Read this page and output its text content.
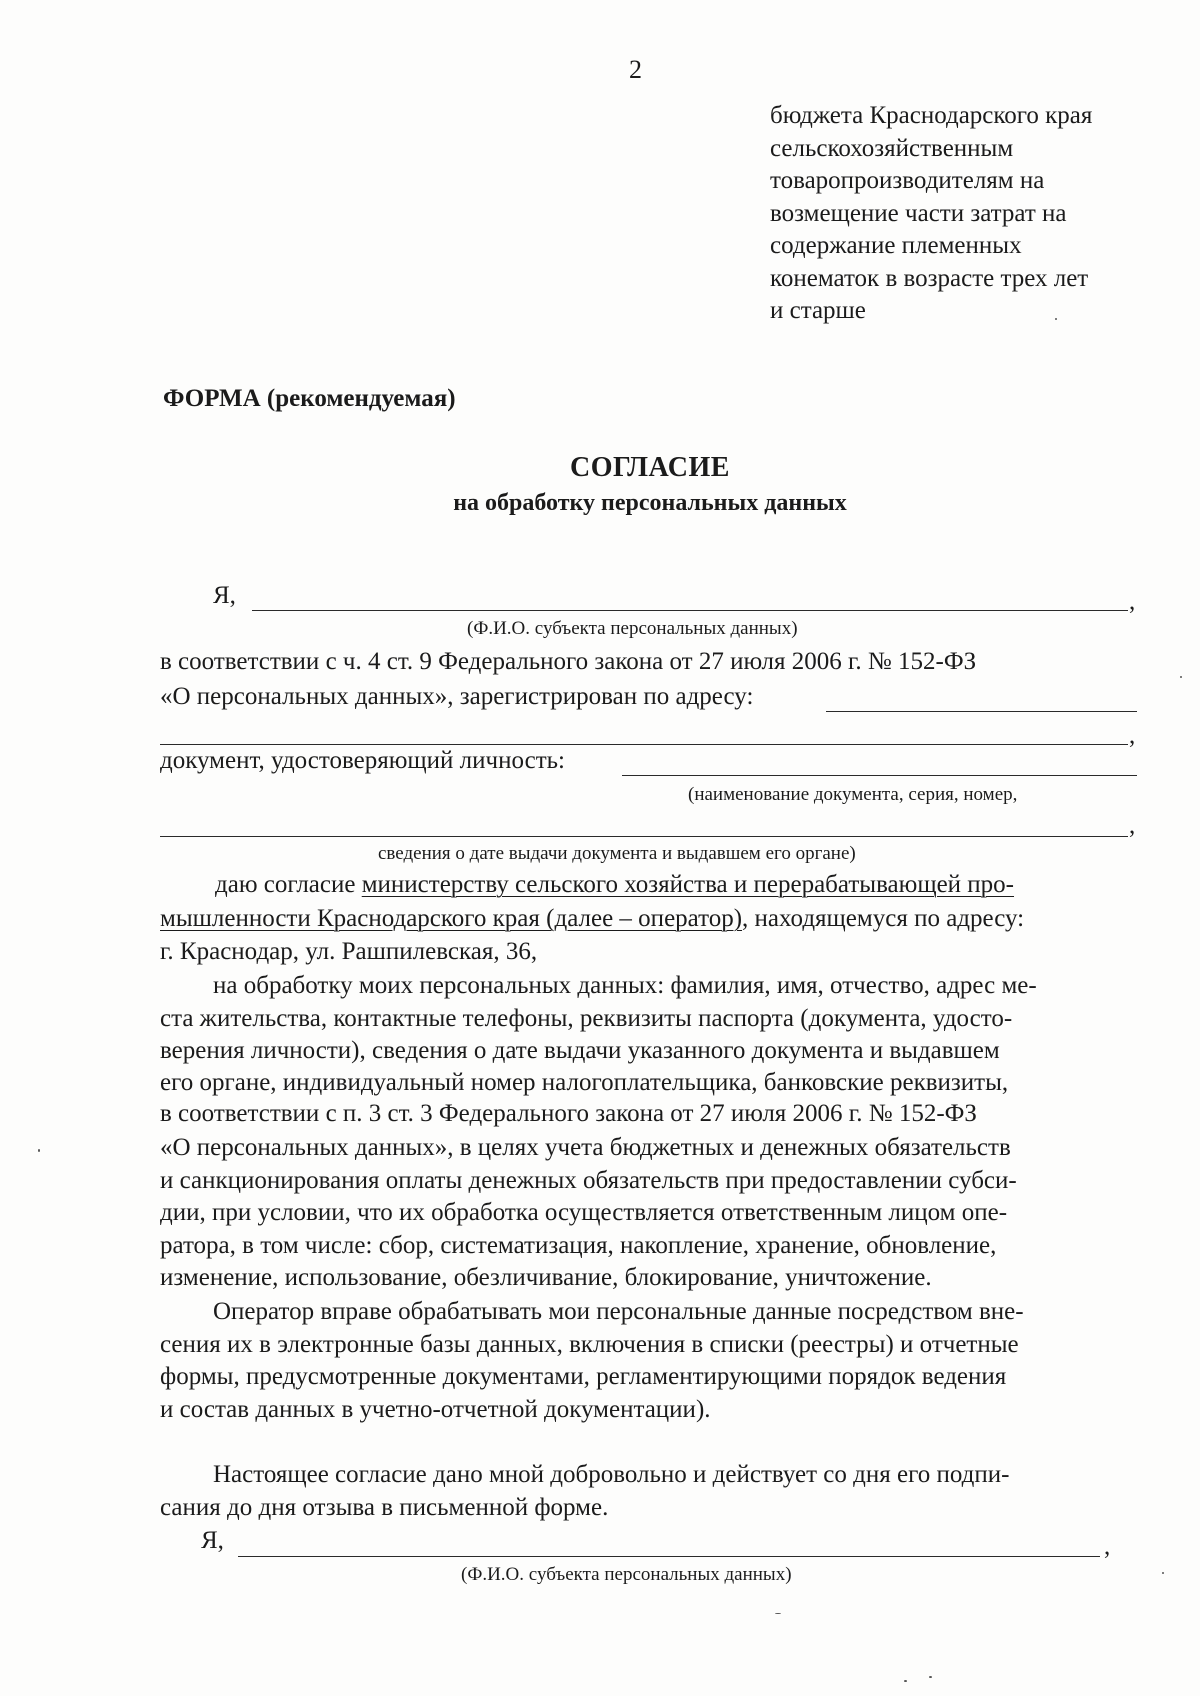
2
бюджета Краснодарского края
сельскохозяйственным
товаропроизводителям на
возмещение части затрат на
содержание племенных
конематок в возрасте трех лет
и старше
ФОРМА (рекомендуемая)
СОГЛАСИЕ
на обработку персональных данных
Я,	,
(Ф.И.О. субъекта персональных данных)
в соответствии с ч. 4 ст. 9 Федерального закона от 27 июля 2006 г. № 152-ФЗ
«О персональных данных», зарегистрирован по адресу:
,
документ, удостоверяющий личность:
(наименование документа, серия, номер,
,
сведения о дате выдачи документа и выдавшем его органе)
даю согласие
министерству сельского хозяйства и перерабатывающей про-
мышленности Краснодарского края (далее – оператор), находящемуся по адресу:
г. Краснодар, ул. Рашпилевская, 36,
на обработку моих персональных данных: фамилия, имя, отчество, адрес ме-
ста жительства, контактные телефоны, реквизиты паспорта (документа, удосто-
верения личности), сведения о дате выдачи указанного документа и выдавшем
его органе, индивидуальный номер налогоплательщика, банковские реквизиты,
в соответствии с п. 3 ст. 3 Федерального закона от 27 июля 2006 г. № 152-ФЗ
«О персональных данных», в целях учета бюджетных и денежных обязательств
и санкционирования оплаты денежных обязательств при предоставлении субси-
дии, при условии, что их обработка осуществляется ответственным лицом опе-
ратора, в том числе: сбор, систематизация, накопление, хранение, обновление,
изменение, использование, обезличивание, блокирование, уничтожение.
Оператор вправе обрабатывать мои персональные данные посредством вне-
сения их в электронные базы данных, включения в списки (реестры) и отчетные
формы, предусмотренные документами, регламентирующими порядок ведения
и состав данных в учетно-отчетной документации).
Настоящее согласие дано мной добровольно и действует со дня его подпи-
сания до дня отзыва в письменной форме.
Я,	,
(Ф.И.О. субъекта персональных данных)
